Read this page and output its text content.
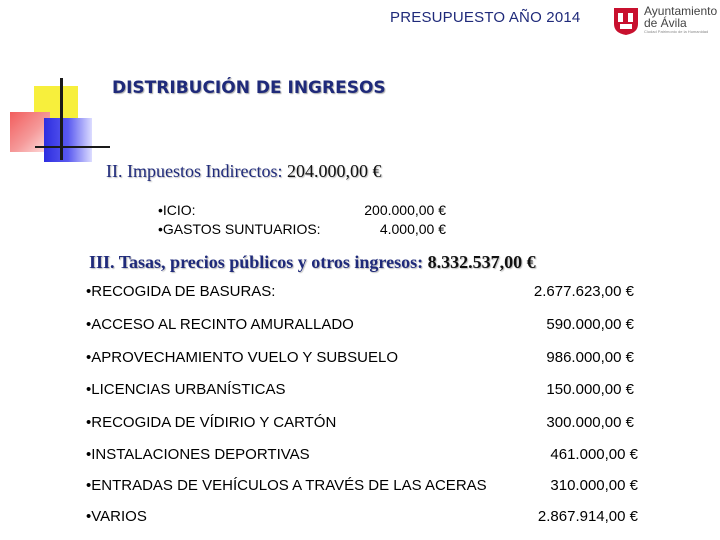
PRESUPUESTO AÑO 2014	Ayuntamiento
de Ávila
Ciudad Patrimonio de la Humanidad
DISTRIBUCIÓN DE INGRESOS
II. Impuestos Indirectos: 204.000,00 €
•ICIO:	200.000,00 €
•GASTOS SUNTUARIOS:	4.000,00 €
III. Tasas, precios públicos y otros ingresos: 8.332.537,00 €
•RECOGIDA DE BASURAS:	2.677.623,00 €
•ACCESO AL RECINTO AMURALLADO	590.000,00 €
•APROVECHAMIENTO VUELO Y SUBSUELO	986.000,00 €
•LICENCIAS URBANÍSTICAS	150.000,00 €
•RECOGIDA DE VÍDIRIO Y CARTÓN	300.000,00 €
•INSTALACIONES DEPORTIVAS	461.000,00 €
•ENTRADAS DE VEHÍCULOS A TRAVÉS DE LAS ACERAS	310.000,00 €
•VARIOS	2.867.914,00 €
